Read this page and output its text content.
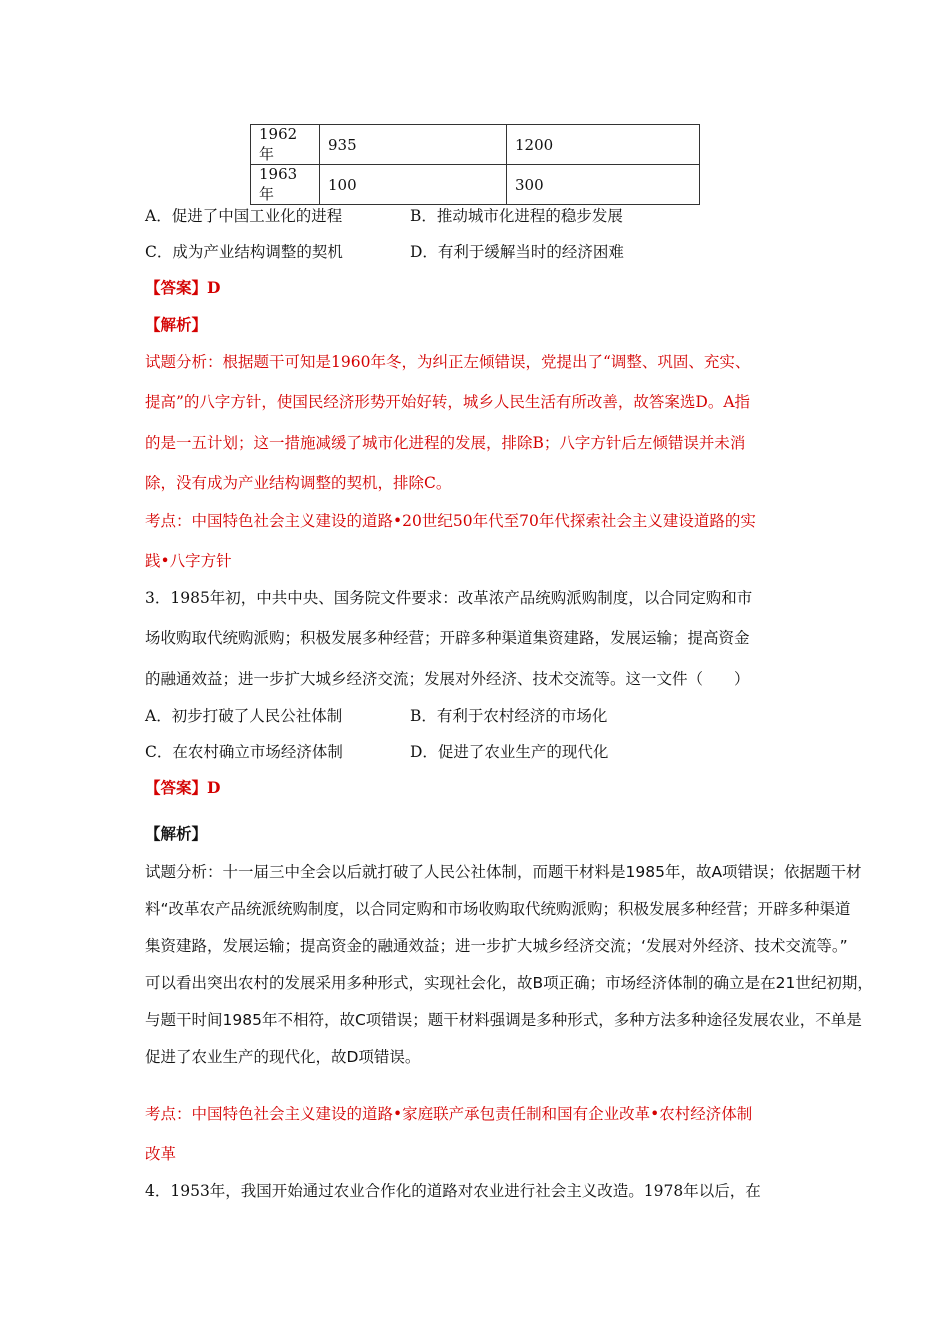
1962年	935	1200
1963年	100	300
A．促进了中国工业化的进程	B．推动城市化进程的稳步发展
C．成为产业结构调整的契机	D．有利于缓解当时的经济困难
【答案】D
【解析】
试题分析：根据题干可知是1960年冬，为纠正左倾错误，党提出了“调整、巩固、充实、
提高”的八字方针，使国民经济形势开始好转，城乡人民生活有所改善，故答案选D。A指
的是一五计划；这一措施减缓了城市化进程的发展，排除B；八字方针后左倾错误并未消
除，没有成为产业结构调整的契机，排除C。
考点：中国特色社会主义建设的道路•20世纪50年代至70年代探索社会主义建设道路的实
践•八字方针
3．1985年初，中共中央、国务院文件要求：改革浓产品统购派购制度，以合同定购和市
场收购取代统购派购；积极发展多种经营；开辟多种渠道集资建路，发展运输；提高资金
的融通效益；进一步扩大城乡经济交流；发展对外经济、技术交流等。这一文件（　　）
A．初步打破了人民公社体制	B．有利于农村经济的市场化
C．在农村确立市场经济体制	D．促进了农业生产的现代化
【答案】D
【解析】
试题分析：十一届三中全会以后就打破了人民公社体制，而题干材料是1985年，故A项错误；依据题干材
料“改革农产品统派统购制度，以合同定购和市场收购取代统购派购；积极发展多种经营；开辟多种渠道
集资建路，发展运输；提高资金的融通效益；进一步扩大城乡经济交流；‘发展对外经济、技术交流等。”
可以看出突出农村的发展采用多种形式，实现社会化，故B项正确；市场经济体制的确立是在21世纪初期，
与题干时间1985年不相符，故C项错误；题干材料强调是多种形式，多种方法多种途径发展农业，不单是
促进了农业生产的现代化，故D项错误。
考点：中国特色社会主义建设的道路•家庭联产承包责任制和国有企业改革•农村经济体制
改革
4．1953年，我国开始通过农业合作化的道路对农业进行社会主义改造。1978年以后，在
